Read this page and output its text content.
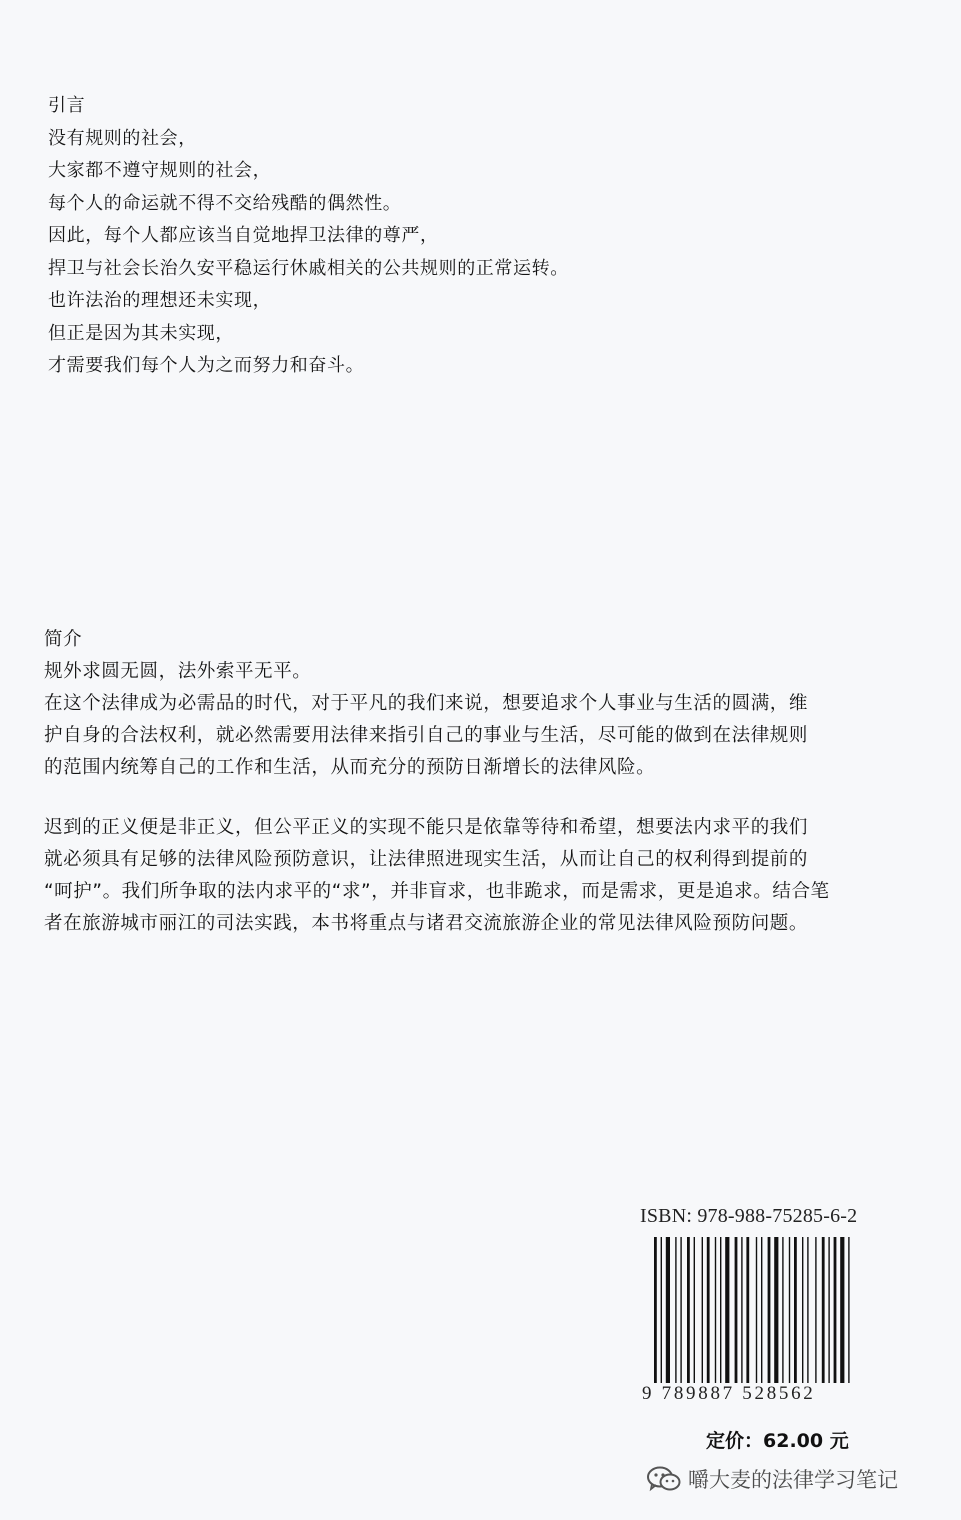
引言
没有规则的社会，
大家都不遵守规则的社会，
每个人的命运就不得不交给残酷的偶然性。
因此，每个人都应该当自觉地捍卫法律的尊严，
捍卫与社会长治久安平稳运行休戚相关的公共规则的正常运转。
也许法治的理想还未实现，
但正是因为其未实现，
才需要我们每个人为之而努力和奋斗。
简介
规外求圆无圆，法外索平无平。
在这个法律成为必需品的时代，对于平凡的我们来说，想要追求个人事业与生活的圆满，维
护自身的合法权利，就必然需要用法律来指引自己的事业与生活，尽可能的做到在法律规则
的范围内统筹自己的工作和生活，从而充分的预防日渐增长的法律风险。
迟到的正义便是非正义，但公平正义的实现不能只是依靠等待和希望，想要法内求平的我们
就必须具有足够的法律风险预防意识，让法律照进现实生活，从而让自己的权利得到提前的
“呵护”。我们所争取的法内求平的“求”，并非盲求，也非跪求，而是需求，更是追求。结合笔
者在旅游城市丽江的司法实践，本书将重点与诸君交流旅游企业的常见法律风险预防问题。
ISBN: 978-988-75285-6-2
9 789887 528562
定价：62.00 元
嚼大麦的法律学习笔记
